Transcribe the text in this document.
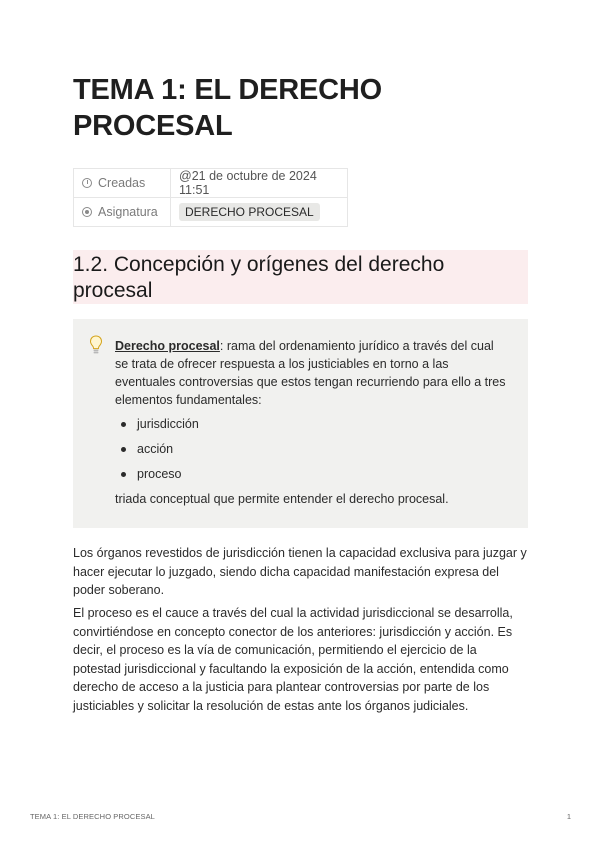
TEMA 1: EL DERECHO PROCESAL
Creadas	@21 de octubre de 2024 11:51
Asignatura	DERECHO PROCESAL
1.2. Concepción y orígenes del derecho procesal

Derecho procesal: rama del ordenamiento jurídico a través del cual se trata de ofrecer respuesta a los justiciables en torno a las eventuales controversias que estos tengan recurriendo para ello a tres elementos fundamentales:

jurisdicción
acción
proceso

triada conceptual que permite entender el derecho procesal.

Los órganos revestidos de jurisdicción tienen la capacidad exclusiva para juzgar y hacer ejecutar lo juzgado, siendo dicha capacidad manifestación expresa del poder soberano.

El proceso es el cauce a través del cual la actividad jurisdiccional se desarrolla, convirtiéndose en concepto conector de los anteriores: jurisdicción y acción. Es decir, el proceso es la vía de comunicación, permitiendo el ejercicio de la potestad jurisdiccional y facultando la exposición de la acción, entendida como derecho de acceso a la justicia para plantear controversias por parte de los justiciables y solicitar la resolución de estas ante los órganos judiciales.

TEMA 1: EL DERECHO PROCESAL	1
